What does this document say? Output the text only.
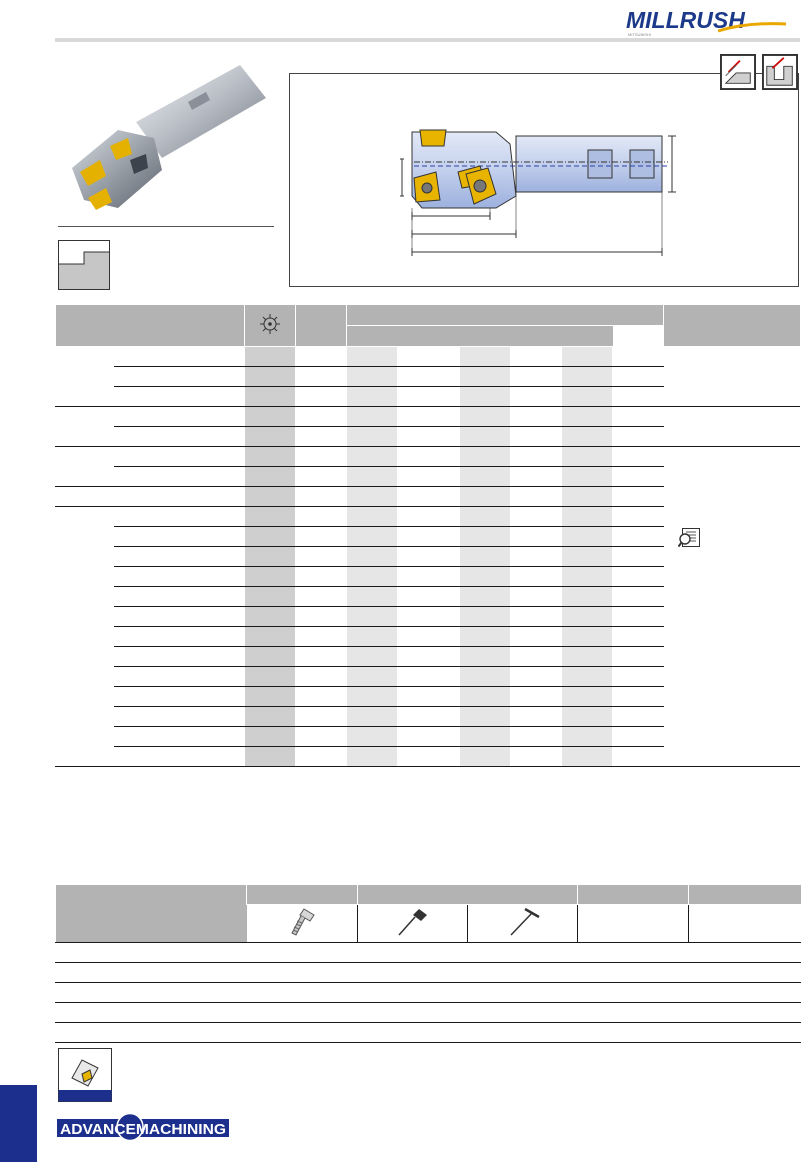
MILLRUSH
MITSUBISHI

ADVANCEMACHINING
